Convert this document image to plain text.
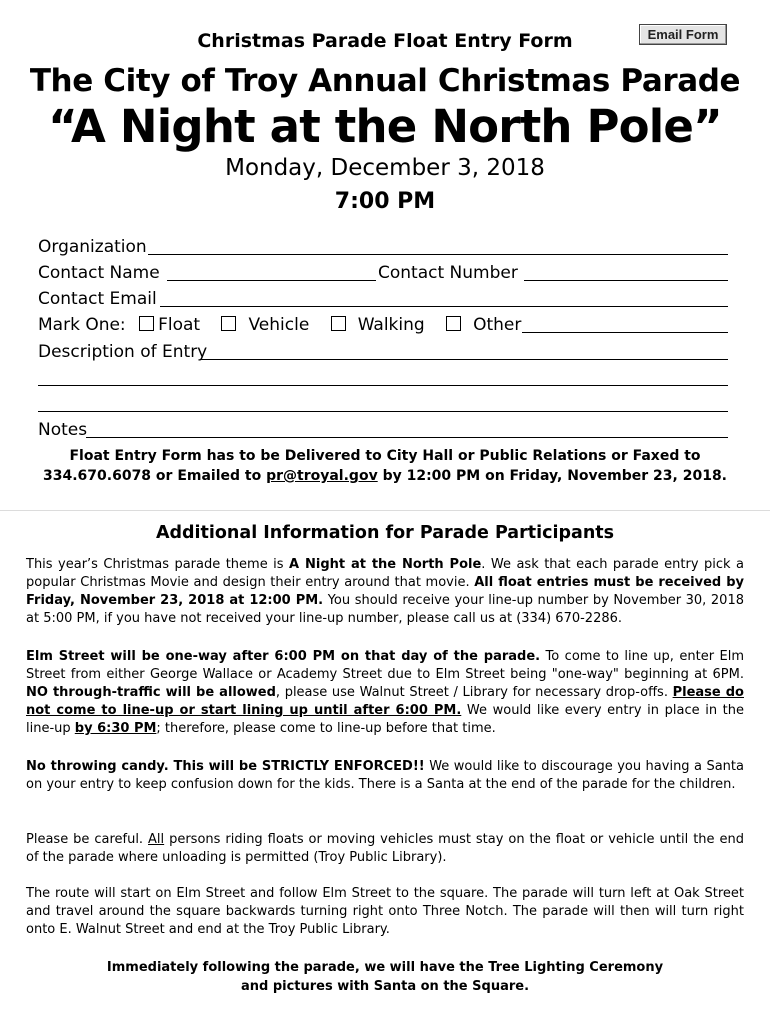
Email Form
Christmas Parade Float Entry Form
The City of Troy Annual Christmas Parade
“A Night at the North Pole”
Monday, December 3, 2018
7:00 PM
Organization
Contact Name	Contact Number
Contact Email
Mark One: Float	Vehicle	Walking	Other
Description of Entry
Notes
Float Entry Form has to be Delivered to City Hall or Public Relations or Faxed to
334.670.6078 or Emailed to pr@troyal.gov by 12:00 PM on Friday, November 23, 2018.
Additional Information for Parade Participants
This year’s Christmas parade theme is A Night at the North Pole. We ask that each parade entry pick a popular Christmas Movie and design their entry around that movie. All float entries must be received by Friday, November 23, 2018 at 12:00 PM. You should receive your line-up number by November 30, 2018 at 5:00 PM, if you have not received your line-up number, please call us at (334) 670-2286.
Elm Street will be one-way after 6:00 PM on that day of the parade. To come to line up, enter Elm Street from either George Wallace or Academy Street due to Elm Street being "one-way" beginning at 6PM. NO through-traffic will be allowed, please use Walnut Street / Library for necessary drop-offs. Please do not come to line-up or start lining up until after 6:00 PM. We would like every entry in place in the line-up by 6:30 PM; therefore, please come to line-up before that time.
No throwing candy. This will be STRICTLY ENFORCED!! We would like to discourage you having a Santa on your entry to keep confusion down for the kids. There is a Santa at the end of the parade for the children.
Please be careful. All persons riding floats or moving vehicles must stay on the float or vehicle until the end of the parade where unloading is permitted (Troy Public Library).
The route will start on Elm Street and follow Elm Street to the square. The parade will turn left at Oak Street and travel around the square backwards turning right onto Three Notch. The parade will then will turn right onto E. Walnut Street and end at the Troy Public Library.
Immediately following the parade, we will have the Tree Lighting Ceremony
and pictures with Santa on the Square.
